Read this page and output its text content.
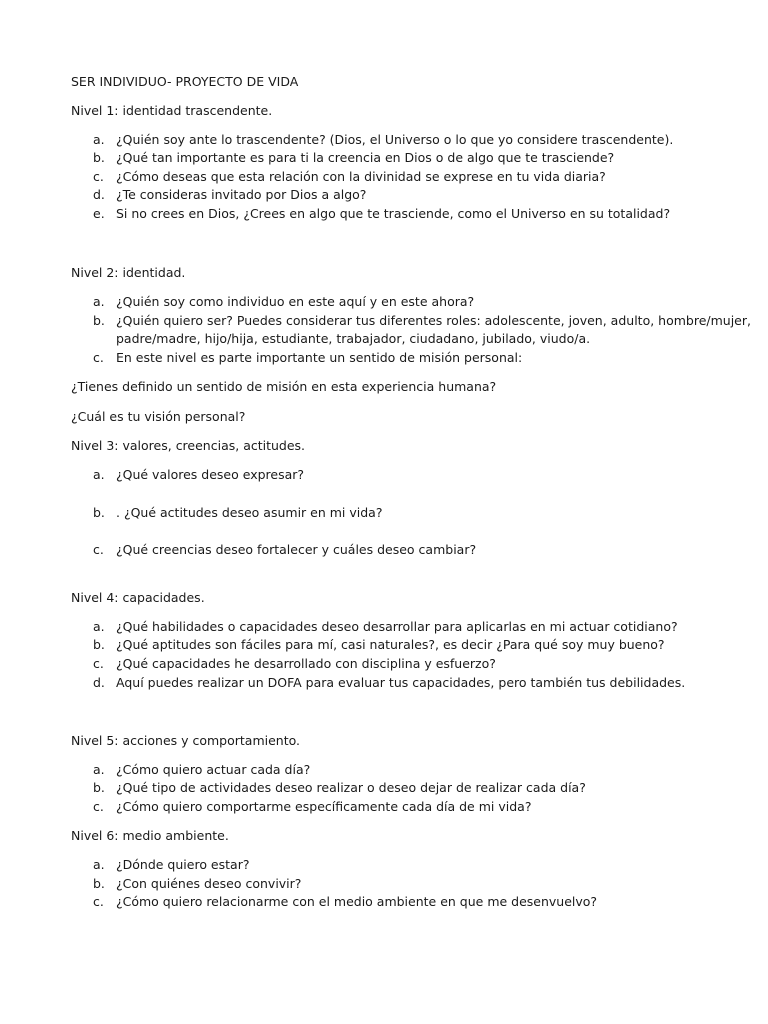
SER INDIVIDUO- PROYECTO DE VIDA
Nivel 1: identidad trascendente.
a. ¿Quién soy ante lo trascendente? (Dios, el Universo o lo que yo considere trascendente).
b. ¿Qué tan importante es para ti la creencia en Dios o de algo que te trasciende?
c. ¿Cómo deseas que esta relación con la divinidad se exprese en tu vida diaria?
d. ¿Te consideras invitado por Dios a algo?
e. Si no crees en Dios, ¿Crees en algo que te trasciende, como el Universo en su totalidad?
Nivel 2: identidad.
a. ¿Quién soy como individuo en este aquí y en este ahora?
b. ¿Quién quiero ser? Puedes considerar tus diferentes roles: adolescente, joven, adulto, hombre/mujer,
padre/madre, hijo/hija, estudiante, trabajador, ciudadano, jubilado, viudo/a.
c. En este nivel es parte importante un sentido de misión personal:
¿Tienes definido un sentido de misión en esta experiencia humana?
¿Cuál es tu visión personal?
Nivel 3: valores, creencias, actitudes.
a. ¿Qué valores deseo expresar?
b. . ¿Qué actitudes deseo asumir en mi vida?
c. ¿Qué creencias deseo fortalecer y cuáles deseo cambiar?
Nivel 4: capacidades.
a. ¿Qué habilidades o capacidades deseo desarrollar para aplicarlas en mi actuar cotidiano?
b. ¿Qué aptitudes son fáciles para mí, casi naturales?, es decir ¿Para qué soy muy bueno?
c. ¿Qué capacidades he desarrollado con disciplina y esfuerzo?
d. Aquí puedes realizar un DOFA para evaluar tus capacidades, pero también tus debilidades.
Nivel 5: acciones y comportamiento.
a. ¿Cómo quiero actuar cada día?
b. ¿Qué tipo de actividades deseo realizar o deseo dejar de realizar cada día?
c. ¿Cómo quiero comportarme específicamente cada día de mi vida?
Nivel 6: medio ambiente.
a. ¿Dónde quiero estar?
b. ¿Con quiénes deseo convivir?
c. ¿Cómo quiero relacionarme con el medio ambiente en que me desenvuelvo?
